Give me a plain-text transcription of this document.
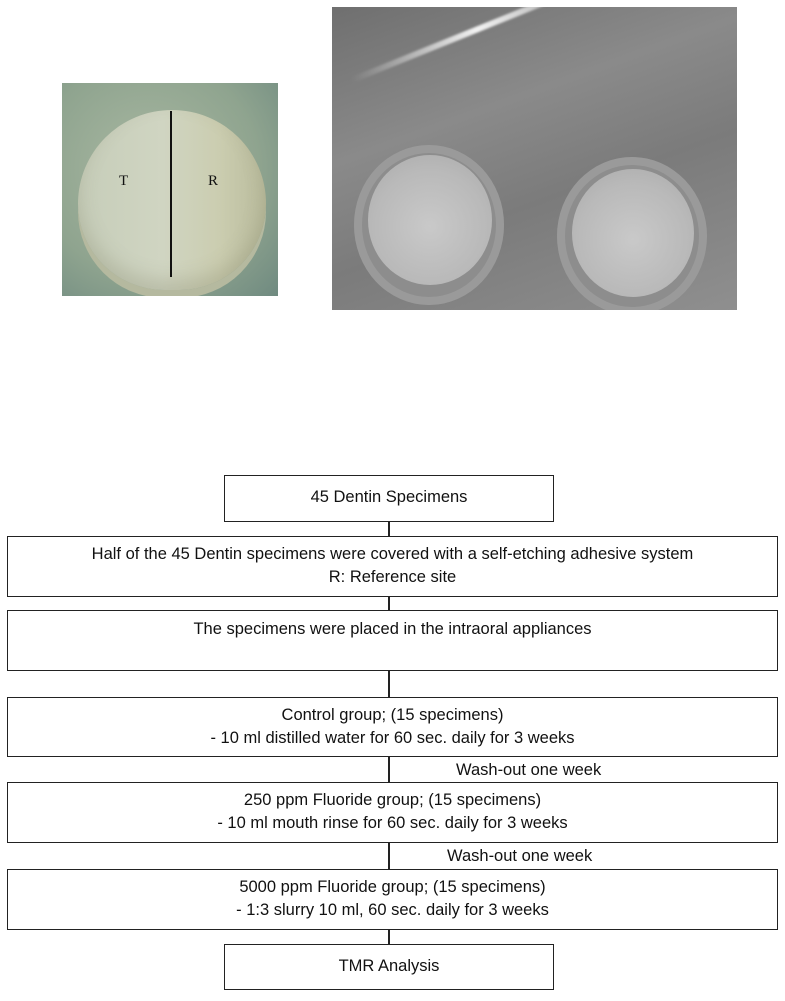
T	R
45 Dentin Specimens
Half of the 45 Dentin specimens were covered with a self-etching adhesive system
R: Reference site
The specimens were placed in the intraoral appliances
Control group; (15 specimens)
- 10 ml distilled water for 60 sec. daily for 3 weeks
Wash-out one week
250 ppm Fluoride group; (15 specimens)
- 10 ml mouth rinse for 60 sec. daily for 3 weeks
Wash-out one week
5000 ppm Fluoride group; (15 specimens)
- 1:3 slurry 10 ml, 60 sec. daily for 3 weeks
TMR Analysis
